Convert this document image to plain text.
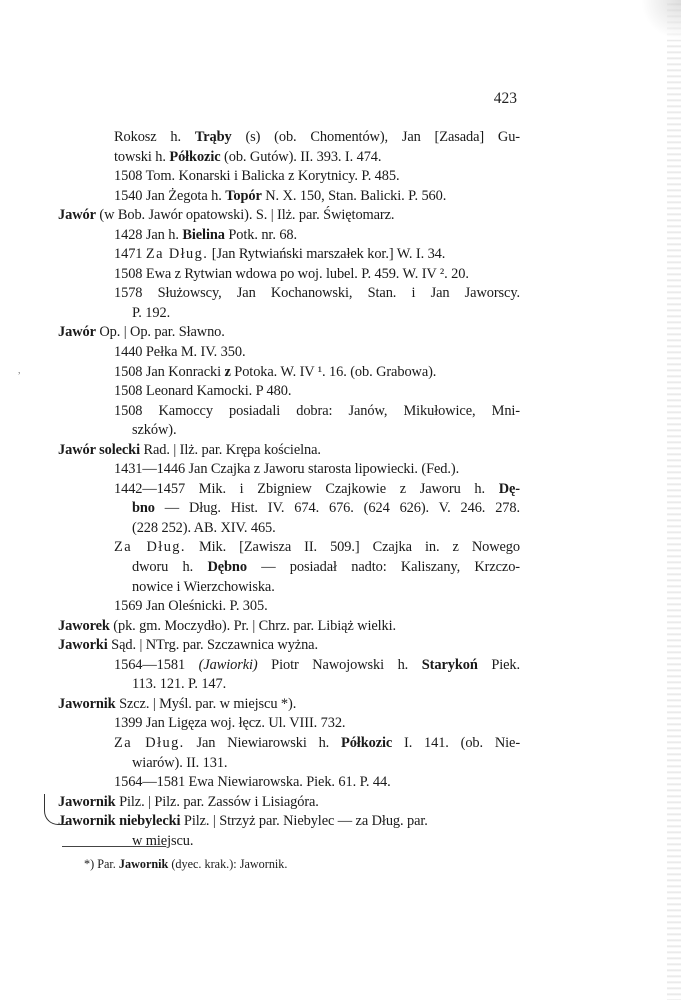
423
Rokosz h. Trąby (s) (ob. Chomentów), Jan [Zasada] Gu-
towski h. Półkozic (ob. Gutów). II. 393. I. 474.
1508 Tom. Konarski i Balicka z Korytnicy. P. 485.
1540 Jan Żegota h. Topór N. X. 150, Stan. Balicki. P. 560.
Jawór (w Bob. Jawór opatowski). S. | Ilż. par. Świętomarz.
1428 Jan h. Bielina Potk. nr. 68.
1471 Za Dług. [Jan Rytwiański marszałek kor.] W. I. 34.
1508 Ewa z Rytwian wdowa po woj. lubel. P. 459. W. IV ². 20.
1578 Służowscy, Jan Kochanowski, Stan. i Jan Jaworscy.
P. 192.
Jawór Op. | Op. par. Sławno.
1440 Pełka M. IV. 350.
1508 Jan Konracki z Potoka. W. IV ¹. 16. (ob. Grabowa).
1508 Leonard Kamocki. P 480.
1508 Kamoccy posiadali dobra: Janów, Mikułowice, Mni-
szków).
Jawór solecki Rad. | Ilż. par. Krępa kościelna.
1431—1446 Jan Czajka z Jaworu starosta lipowiecki. (Fed.).
1442—1457 Mik. i Zbigniew Czajkowie z Jaworu h. Dę-
bno — Dług. Hist. IV. 674. 676. (624 626). V. 246. 278.
(228 252). AB. XIV. 465.
Za Dług. Mik. [Zawisza II. 509.] Czajka in. z Nowego
dworu h. Dębno — posiadał nadto: Kaliszany, Krzczo-
nowice i Wierzchowiska.
1569 Jan Oleśnicki. P. 305.
Jaworek (pk. gm. Moczydło). Pr. | Chrz. par. Libiąż wielki.
Jaworki Sąd. | NTrg. par. Szczawnica wyżna.
1564—1581 (Jawiorki) Piotr Nawojowski h. Starykoń Piek.
113. 121. P. 147.
Jawornik Szcz. | Myśl. par. w miejscu *).
1399 Jan Ligęza woj. łęcz. Ul. VIII. 732.
Za Dług. Jan Niewiarowski h. Półkozic I. 141. (ob. Nie-
wiarów). II. 131.
1564—1581 Ewa Niewiarowska. Piek. 61. P. 44.
Jawornik Pilz. | Pilz. par. Zassów i Lisiagóra.
Jawornik niebylecki Pilz. | Strzyż par. Niebylec — za Dług. par.
w miejscu.
,
*) Par. Jawornik (dyec. krak.): Jawornik.
